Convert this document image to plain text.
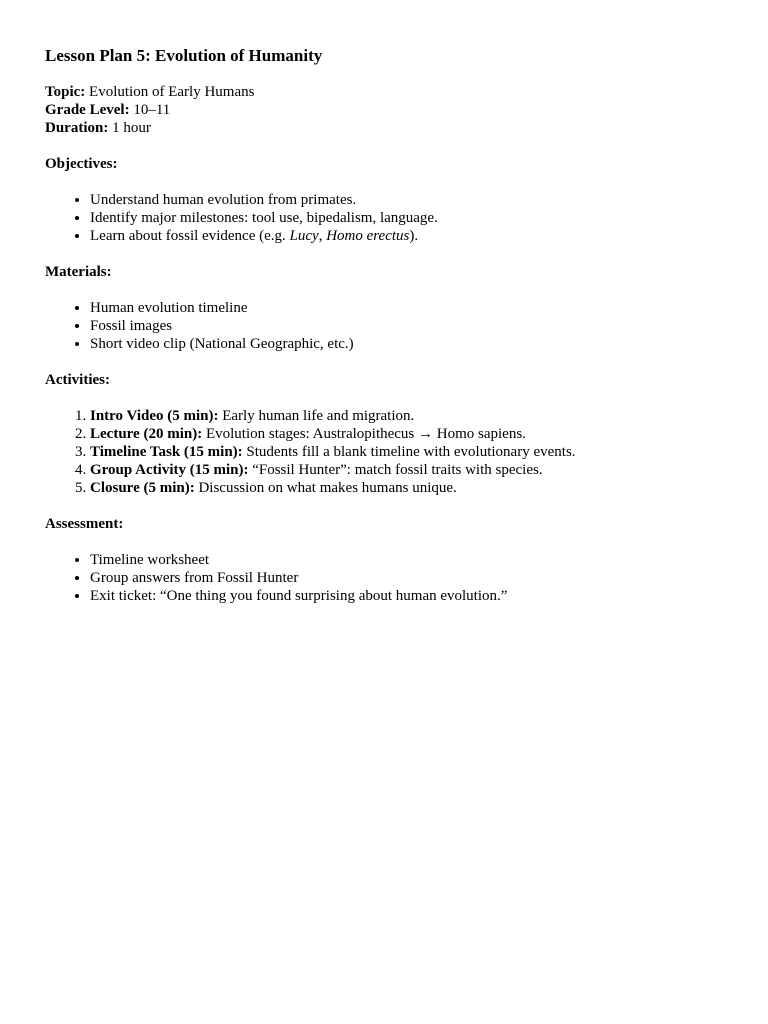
Lesson Plan 5: Evolution of Humanity

Topic: Evolution of Early Humans

Grade Level: 10–11

Duration: 1 hour

Objectives:
• Understand human evolution from primates.
• Identify major milestones: tool use, bipedalism, language.
• Learn about fossil evidence (e.g. Lucy, Homo erectus).
Materials:
• Human evolution timeline
• Fossil images
• Short video clip (National Geographic, etc.)
Activities:
1. Intro Video (5 min): Early human life and migration.
2. Lecture (20 min): Evolution stages: Australopithecus → Homo sapiens.
3. Timeline Task (15 min): Students fill a blank timeline with evolutionary events.
4. Group Activity (15 min): “Fossil Hunter”: match fossil traits with species.
5. Closure (5 min): Discussion on what makes humans unique.
Assessment:
• Timeline worksheet
• Group answers from Fossil Hunter
• Exit ticket: “One thing you found surprising about human evolution.”
